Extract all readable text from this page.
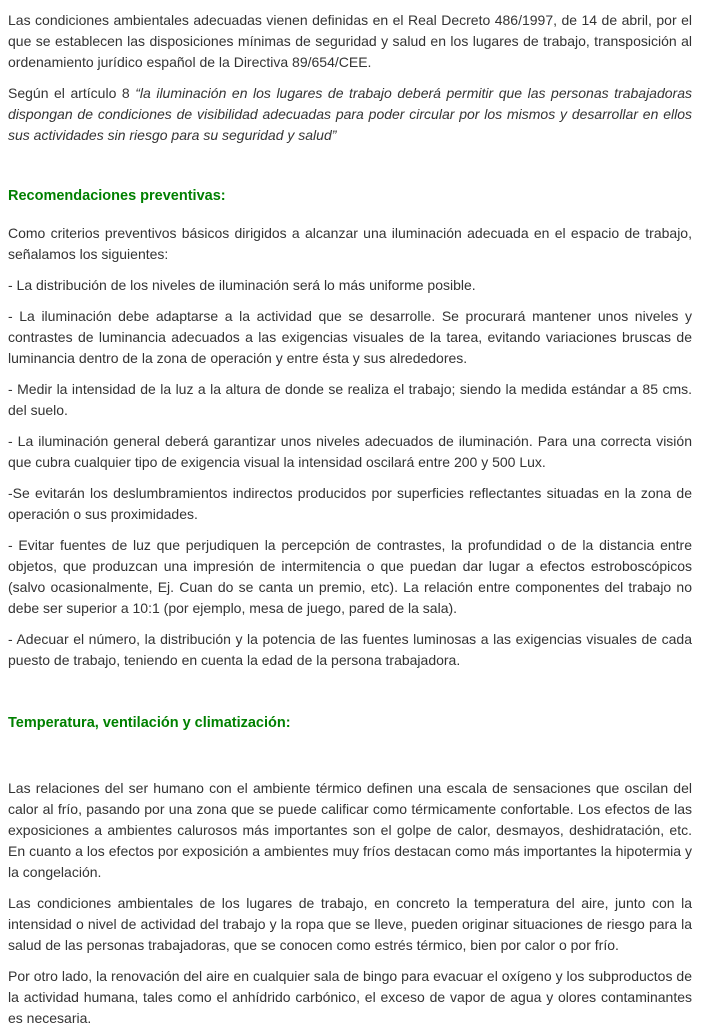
Las condiciones ambientales adecuadas vienen definidas en el Real Decreto 486/1997, de 14 de abril, por el que se establecen las disposiciones mínimas de seguridad y salud en los lugares de trabajo, transposición al ordenamiento jurídico español de la Directiva 89/654/CEE.

Según el artículo 8 “la iluminación en los lugares de trabajo deberá permitir que las personas trabajadoras dispongan de condiciones de visibilidad adecuadas para poder circular por los mismos y desarrollar en ellos sus actividades sin riesgo para su seguridad y salud”

Recomendaciones preventivas:

Como criterios preventivos básicos dirigidos a alcanzar una iluminación adecuada en el espacio de trabajo, señalamos los siguientes:

- La distribución de los niveles de iluminación será lo más uniforme posible.

- La iluminación debe adaptarse a la actividad que se desarrolle. Se procurará mantener unos niveles y contrastes de luminancia adecuados a las exigencias visuales de la tarea, evitando variaciones bruscas de luminancia dentro de la zona de operación y entre ésta y sus alrededores.

- Medir la intensidad de la luz a la altura de donde se realiza el trabajo; siendo la medida estándar a 85 cms. del suelo.

- La iluminación general deberá garantizar unos niveles adecuados de iluminación. Para una correcta visión que cubra cualquier tipo de exigencia visual la intensidad oscilará entre 200 y 500 Lux.

-Se evitarán los deslumbramientos indirectos producidos por superficies reflectantes situadas en la zona de operación o sus proximidades.

- Evitar fuentes de luz que perjudiquen la percepción de contrastes, la profundidad o de la distancia entre objetos, que produzcan una impresión de intermitencia o que puedan dar lugar a efectos estroboscópicos (salvo ocasionalmente, Ej. Cuan do se canta un premio, etc). La relación entre componentes del trabajo no debe ser superior a 10:1 (por ejemplo, mesa de juego, pared de la sala).

- Adecuar el número, la distribución y la potencia de las fuentes luminosas a las exigencias visuales de cada puesto de trabajo, teniendo en cuenta la edad de la persona trabajadora.

Temperatura, ventilación y climatización:

Las relaciones del ser humano con el ambiente térmico definen una escala de sensaciones que oscilan del calor al frío, pasando por una zona que se puede calificar como térmicamente confortable. Los efectos de las exposiciones a ambientes calurosos más importantes son el golpe de calor, desmayos, deshidratación, etc. En cuanto a los efectos por exposición a ambientes muy fríos destacan como más importantes la hipotermia y la congelación.

Las condiciones ambientales de los lugares de trabajo, en concreto la temperatura del aire, junto con la intensidad o nivel de actividad del trabajo y la ropa que se lleve, pueden originar situaciones de riesgo para la salud de las personas trabajadoras, que se conocen como estrés térmico, bien por calor o por frío.

Por otro lado, la renovación del aire en cualquier sala de bingo para evacuar el oxígeno y los subproductos de la actividad humana, tales como el anhídrido carbónico, el exceso de vapor de agua y olores contaminantes es necesaria.
